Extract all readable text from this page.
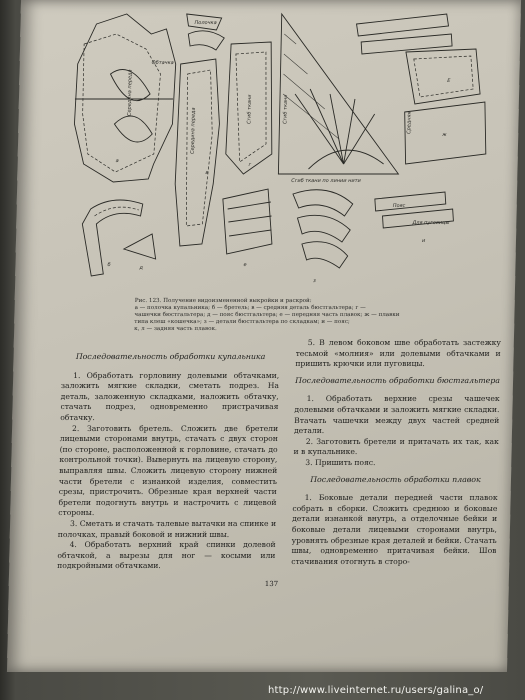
а
Середина переда
Обтачка
Полочка
б
д
Середина переда
в
Сгиб ткани
г
е
Сгиб ткани по линии нити
Сгиб ткани
Е
ж
Средняя
з
Пояс
Для пуговицы
и
Рис. 123. Получение видоизмененной выкройки и раскрой:
а — полочка купальника; б — бретель; в — средняя деталь бюстгальтера; г —
чашечки бюстгальтера; д — пояс бюстгальтера; е — передняя часть плавок; ж — плавки
типа клеш «кошечка»; з — детали бюстгальтера по складкам; и — пояс;
к, л — задняя часть плавок.
Последовательность обработки купальника

1. Обработать горловину долевыми обтачками, заложить мягкие складки, сметать подрез. На деталь, заложенную складками, наложить обтачку, стачать подрез, одновременно пристрачивая обтачку.

2. Заготовить бретель. Сложить две бретели лицевыми сторонами внутрь, стачать с двух сторон (по стороне, расположенной к горловине, стачать до контрольной точки). Вывернуть на лицевую сторону, выправляя швы. Сложить лицевую сторону нижней части бретели с изнанкой изделия, совместить срезы, пристрочить. Обрезные края верхней части бретели подогнуть внутрь и настрочить с лицевой стороны.

3. Сметать и стачать талевые вытачки на спинке и полочках, правый боковой и нижний швы.

4. Обработать верхний край спинки долевой обтачкой, а вырезы для ног — косыми или подкройными обтачками.

5. В левом боковом шве обработать застежку тесьмой «молния» или долевыми обтачками и пришить крючки или пуговицы.

Последовательность обработки бюстгальтера

1. Обработать верхние срезы чашечек долевыми обтачками и заложить мягкие складки. Втачать чашечки между двух частей средней детали.

2. Заготовить бретели и притачать их так, как и в купальнике.

3. Пришить пояс.

Последовательность обработки плавок

1. Боковые детали передней части плавок собрать в сборки. Сложить среднюю и боковые детали изнанкой внутрь, а отделочные бейки и боковые детали лицевыми сторонами внутрь, уровнять обрезные края деталей и бейки. Стачать швы, одновременно притачивая бейки. Шов стачивания отогнуть в сторо-

137
http://www.liveinternet.ru/users/galina_o/
